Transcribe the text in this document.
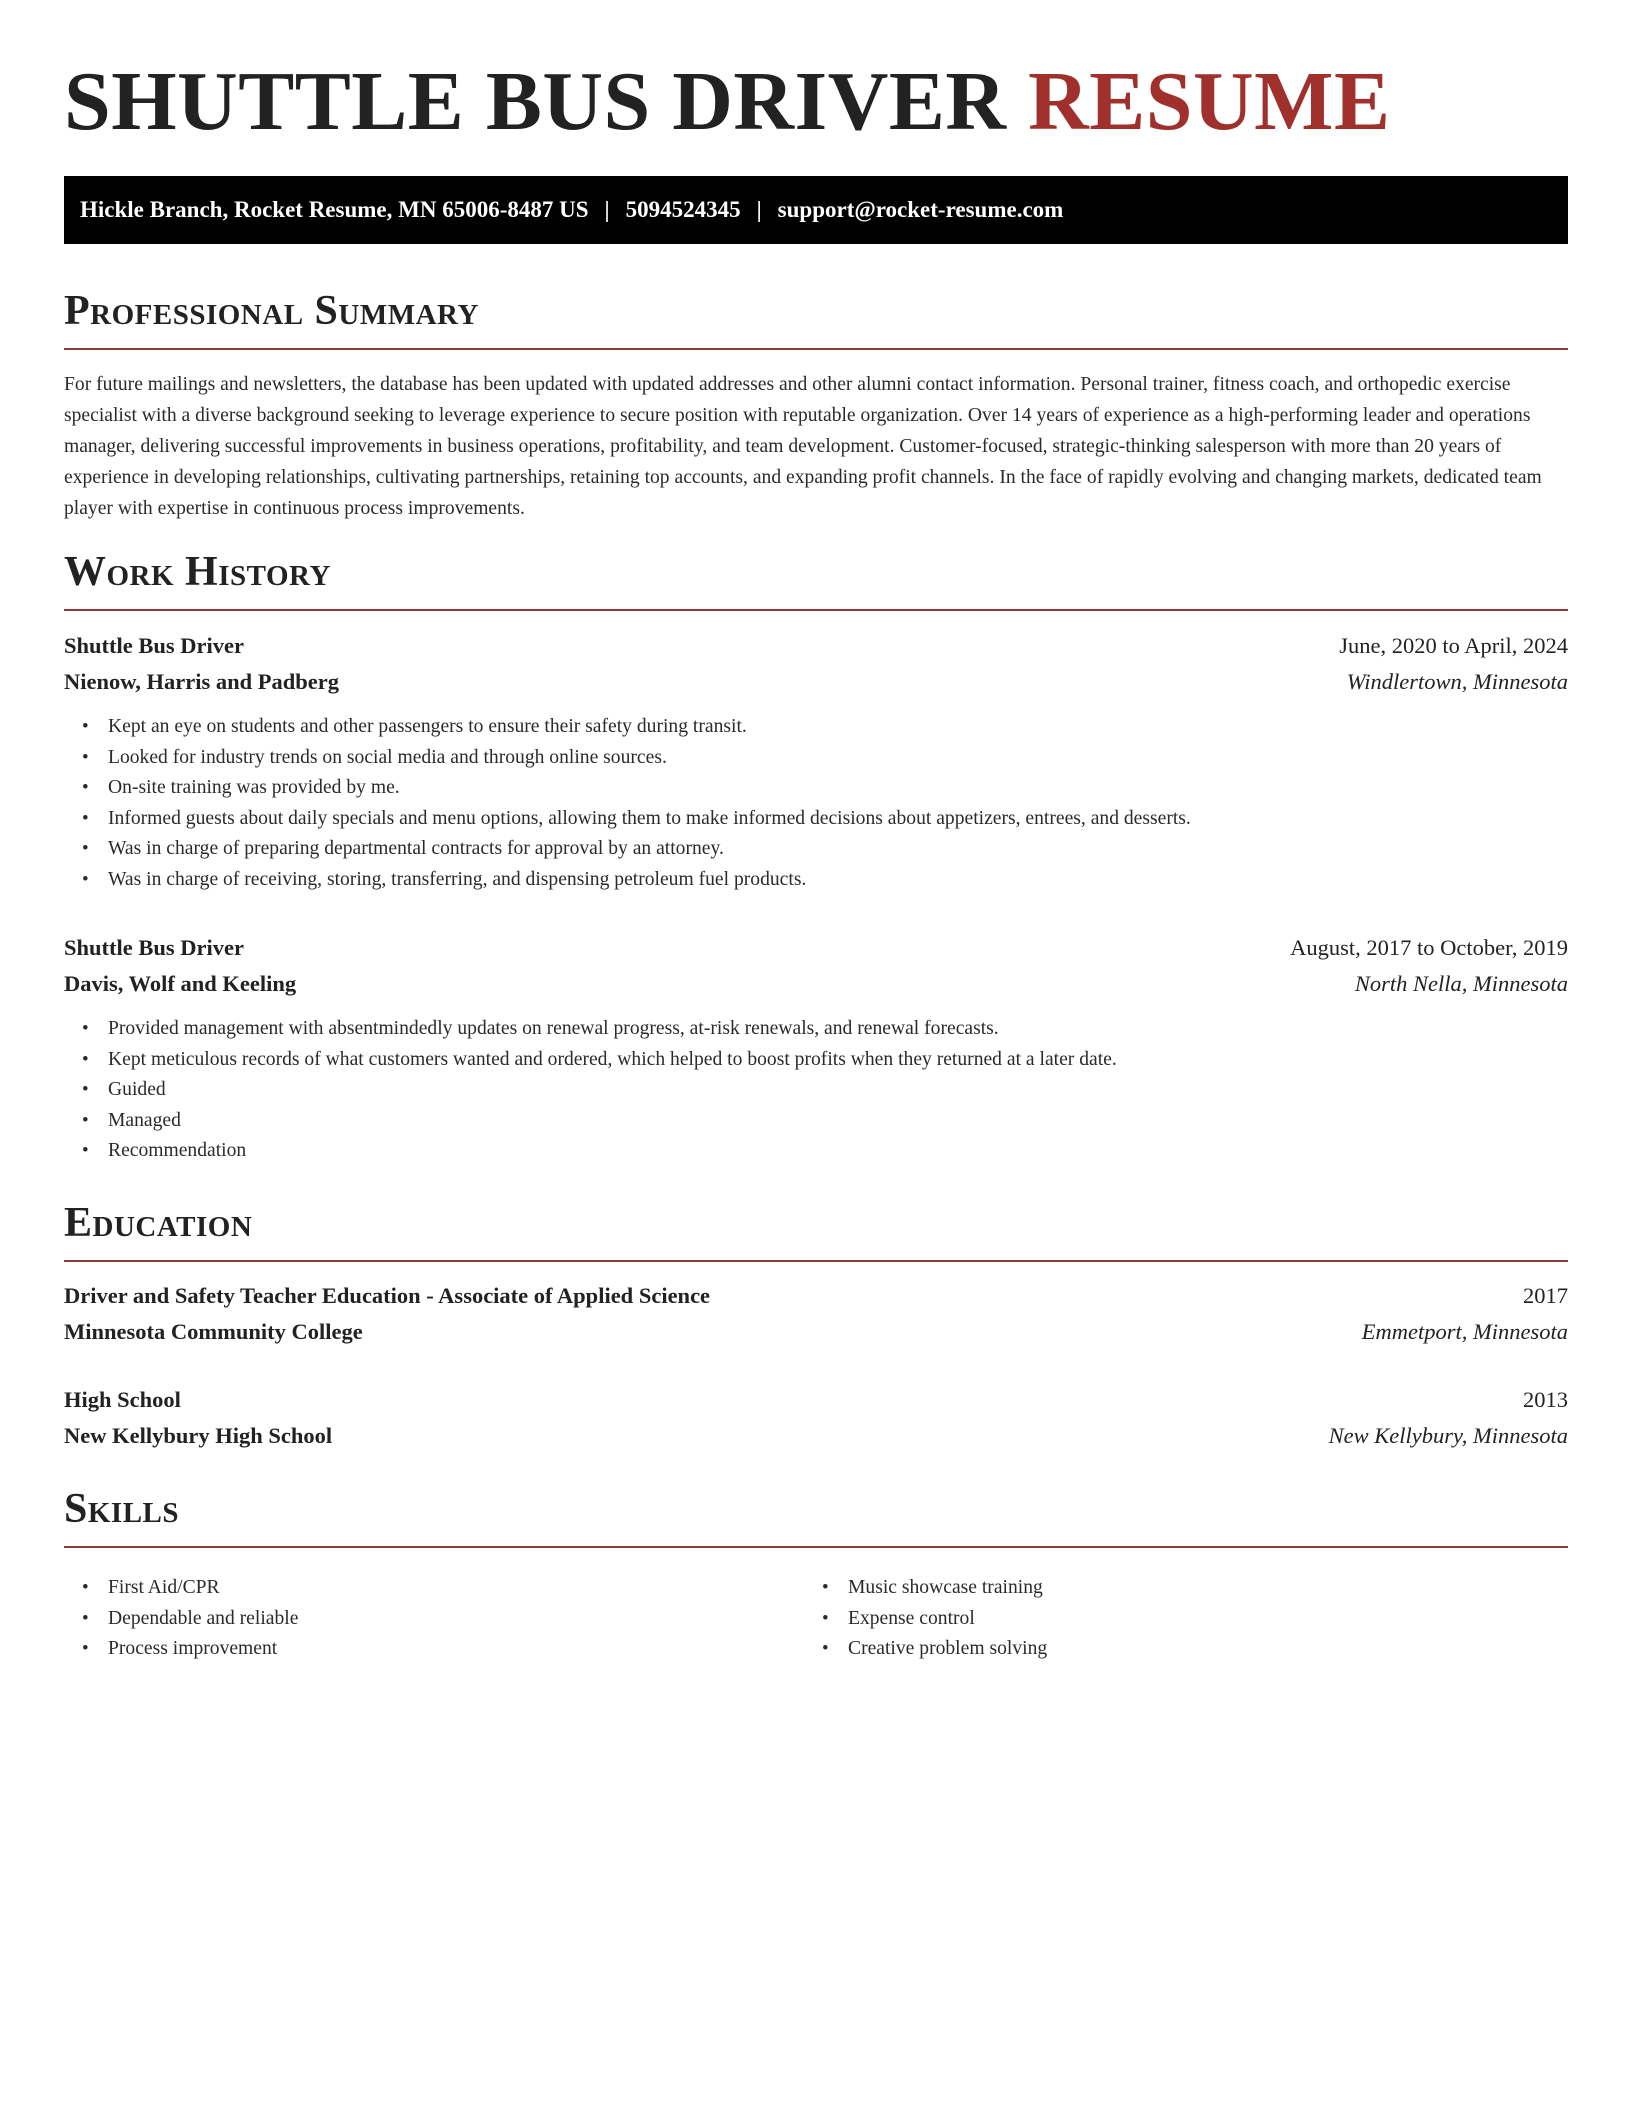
SHUTTLE BUS DRIVER RESUME
Hickle Branch, Rocket Resume, MN 65006-8487 US | 5094524345 | support@rocket-resume.com
Professional Summary
For future mailings and newsletters, the database has been updated with updated addresses and other alumni contact information. Personal trainer, fitness coach, and orthopedic exercise specialist with a diverse background seeking to leverage experience to secure position with reputable organization. Over 14 years of experience as a high-performing leader and operations manager, delivering successful improvements in business operations, profitability, and team development. Customer-focused, strategic-thinking salesperson with more than 20 years of experience in developing relationships, cultivating partnerships, retaining top accounts, and expanding profit channels. In the face of rapidly evolving and changing markets, dedicated team player with expertise in continuous process improvements.
Work History
Shuttle Bus Driver	June, 2020 to April, 2024
Nienow, Harris and Padberg	Windlertown, Minnesota
• Kept an eye on students and other passengers to ensure their safety during transit.
• Looked for industry trends on social media and through online sources.
• On-site training was provided by me.
• Informed guests about daily specials and menu options, allowing them to make informed decisions about appetizers, entrees, and desserts.
• Was in charge of preparing departmental contracts for approval by an attorney.
• Was in charge of receiving, storing, transferring, and dispensing petroleum fuel products.
Shuttle Bus Driver	August, 2017 to October, 2019
Davis, Wolf and Keeling	North Nella, Minnesota
• Provided management with absentmindedly updates on renewal progress, at-risk renewals, and renewal forecasts.
• Kept meticulous records of what customers wanted and ordered, which helped to boost profits when they returned at a later date.
• Guided
• Managed
• Recommendation
Education
Driver and Safety Teacher Education - Associate of Applied Science	2017
Minnesota Community College	Emmetport, Minnesota
High School	2013
New Kellybury High School	New Kellybury, Minnesota
Skills
• First Aid/CPR
• Dependable and reliable
• Process improvement
• Music showcase training
• Expense control
• Creative problem solving
